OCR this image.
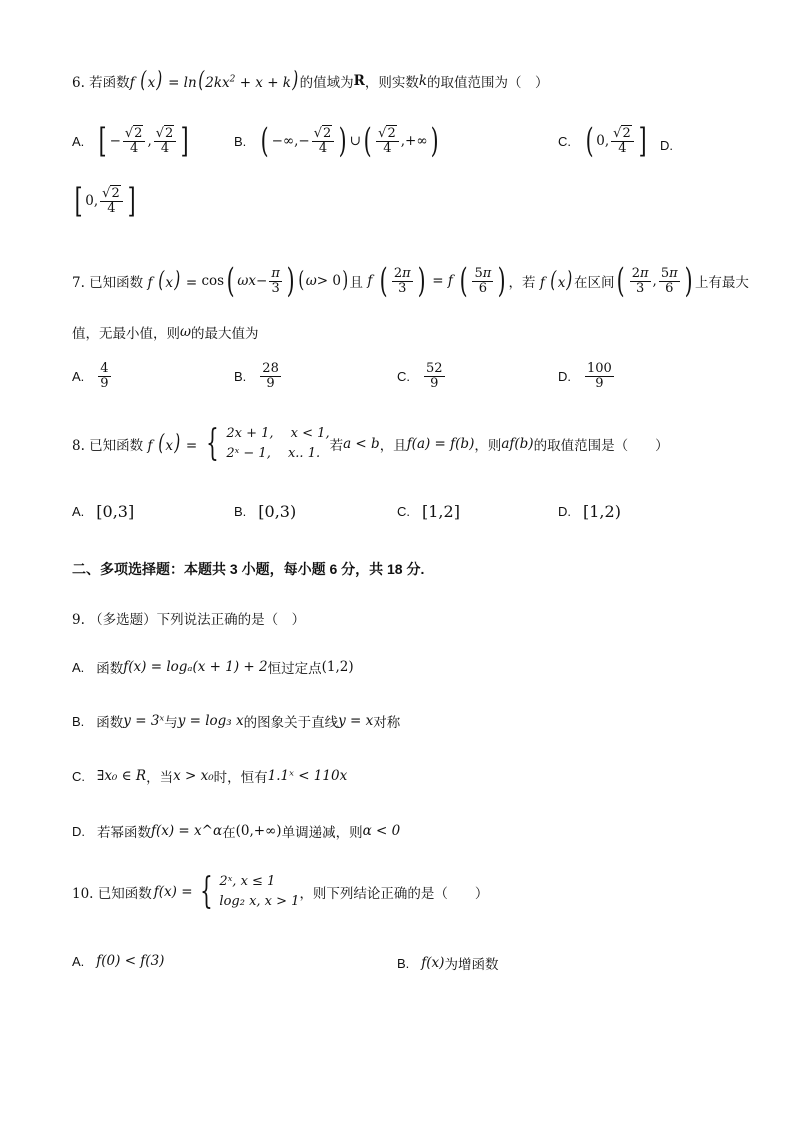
6. 若函数 f $(x) = \ln(2kx^2 + x + k)$ 的值域为 R ，则实数 k 的取值范围为（　）
A. [ − $\frac{√2}{4}$ , $\frac{√2}{4}$ ]	B. ( − ∞ ,− $\frac{√2}{4}$ ) ∪ ( $\frac{√2}{4}$ ,+ ∞ )	C. ( 0, $\frac{√2}{4}$ ] D.
[ 0, $\frac{√2}{4}$ ]
7. 已知函数 f (x) = cos ( $\omega x - \frac{\pi}{3}$ ) ( ω > 0 ) 且 f ( $\frac{2\pi}{3}$ ) = f
( $\frac{5\pi}{6}$ ) ，若 f (x) 在区间 ( $\frac{2\pi}{3}$ , $\frac{5\pi}{6}$ ) 上有最大
值，无最小值，则 ω 的最大值为
A. $\frac{4}{9}$	B. $\frac{28}{9}$	C. $\frac{52}{9}$	D. $\frac{100}{9}$
8. 已知函数 f (x) = { 2x + 1,　 x < 1,
2ˣ − 1,　 x.. 1. 若 a < b ，且 f(a) = f(b) ，则 af(b) 的取值范围是（　　）
A. [0,3]	B. [0,3)	C. [1,2]	D. [1,2)
二、多项选择题：本题共 3 小题，每小题 6 分，共 18 分.
9. （多选题）下列说法正确的是（　）
A. 函数 f(x) = logₐ(x + 1) + 2 恒过定点 (1,2)
B. 函数 y = 3ˣ 与 y = log₃ x 的图象关于直线 y = x 对称
C. ∃x₀ ∈ R ，当 x > x₀ 时，恒有 1.1ˣ < 110x
D. 若幂函数 f(x) = x^α 在 (0,+∞) 单调递减，则 α < 0
10. 已知函数 f(x) = { 2ˣ, x ≤ 1
log₂ x, x > 1 ，则下列结论正确的是（　　）
A. f(0) < f(3)	B. f(x) 为增函数
